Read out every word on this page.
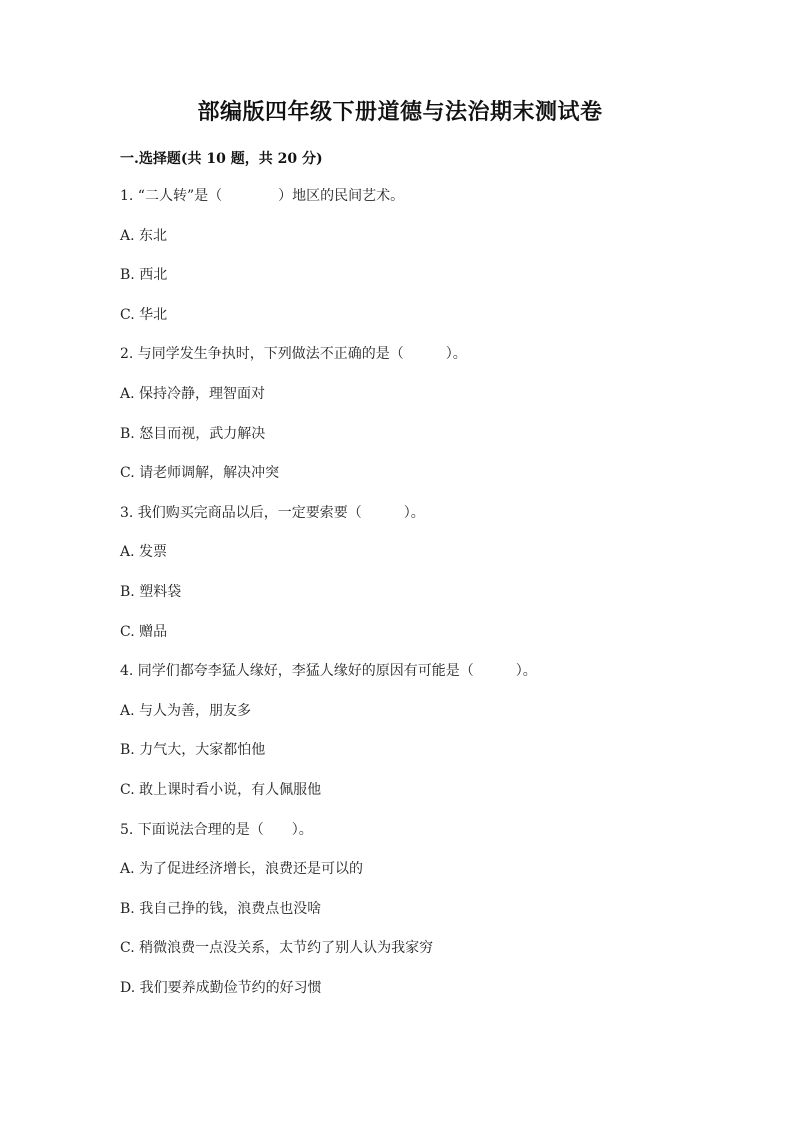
部编版四年级下册道德与法治期末测试卷
一.选择题(共 10 题，共 20 分)
1. “二人转”是（　　　　）地区的民间艺术。
A. 东北
B. 西北
C. 华北
2. 与同学发生争执时，下列做法不正确的是（　　　）。
A. 保持冷静，理智面对
B. 怒目而视，武力解决
C. 请老师调解，解决冲突
3. 我们购买完商品以后，一定要索要（　　　）。
A. 发票
B. 塑料袋
C. 赠品
4. 同学们都夸李猛人缘好，李猛人缘好的原因有可能是（　　　）。
A. 与人为善，朋友多
B. 力气大，大家都怕他
C. 敢上课时看小说，有人佩服他
5. 下面说法合理的是（　　）。
A. 为了促进经济增长，浪费还是可以的
B. 我自己挣的钱，浪费点也没啥
C. 稍微浪费一点没关系，太节约了别人认为我家穷
D. 我们要养成勤俭节约的好习惯
